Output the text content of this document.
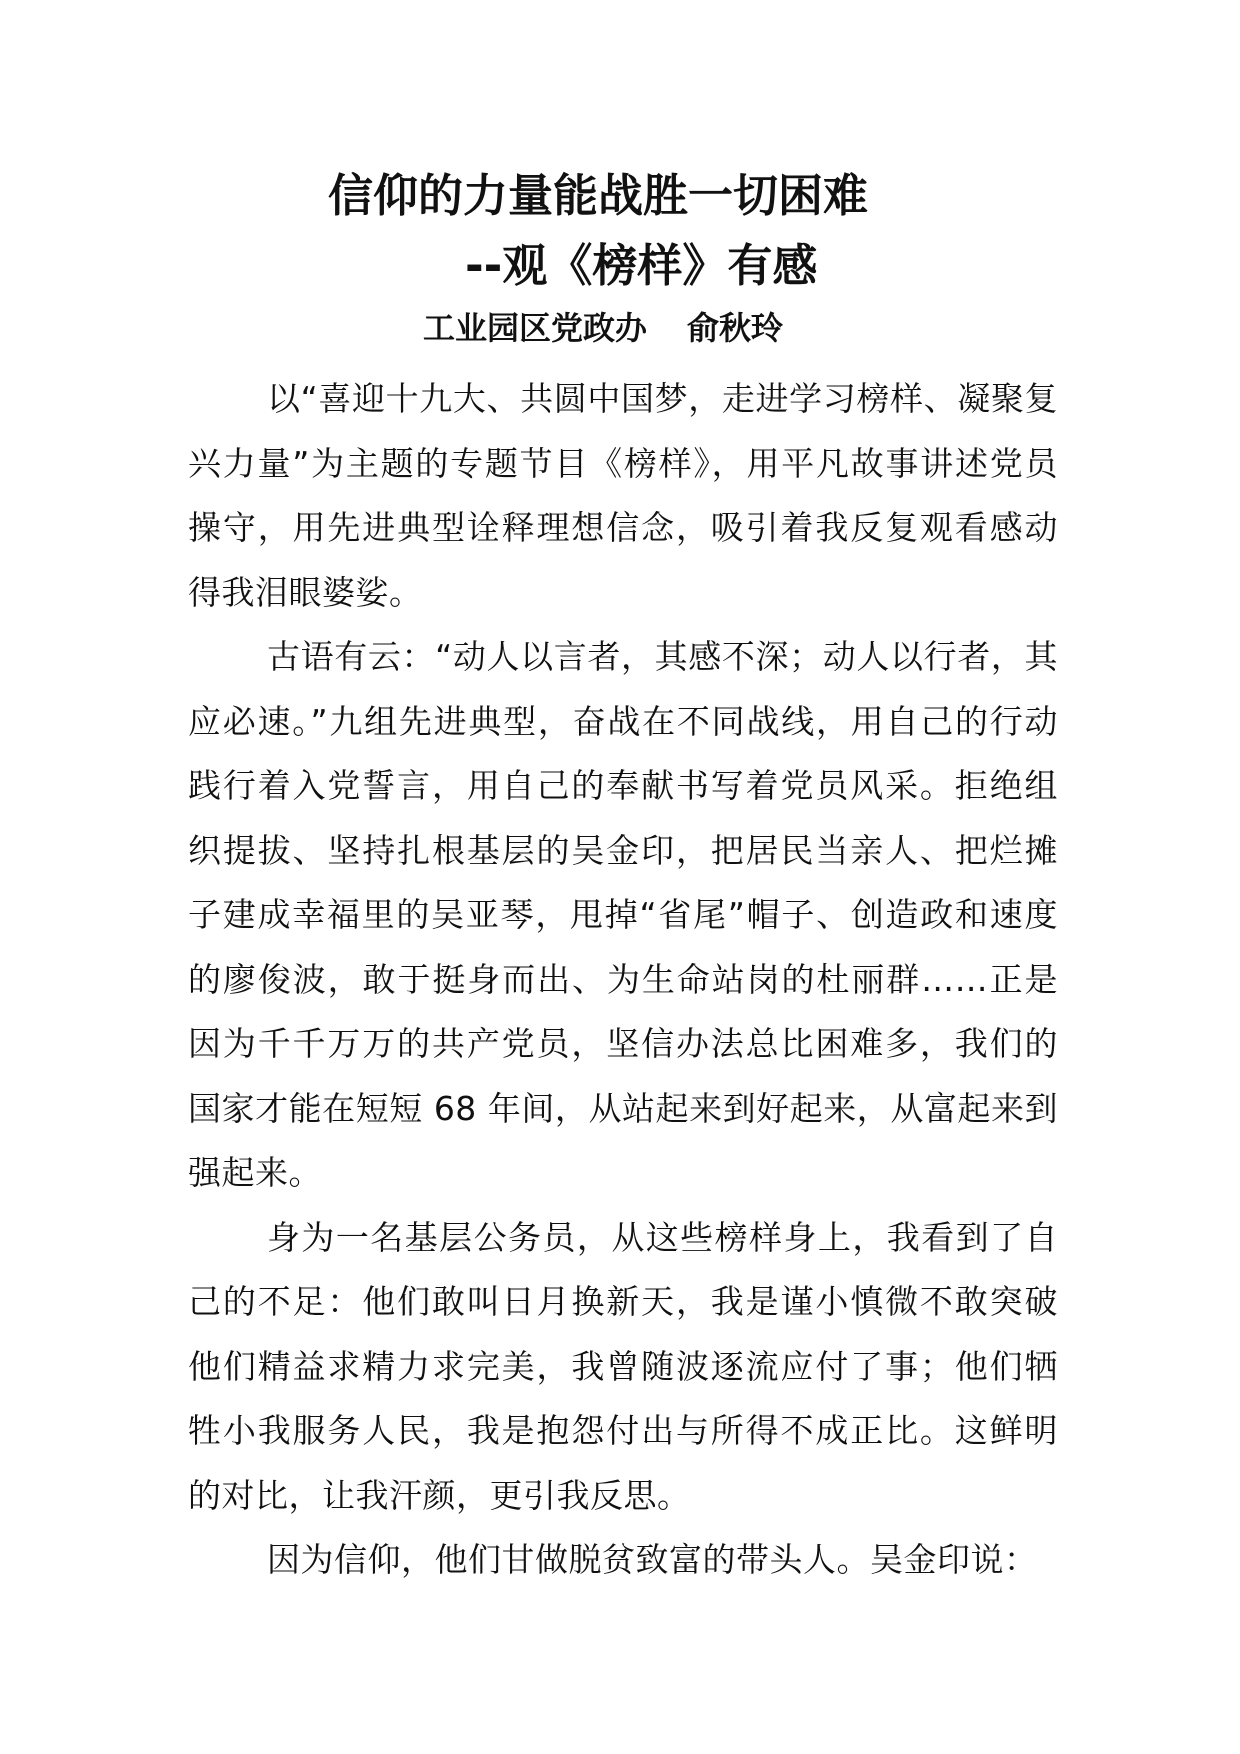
信仰的力量能战胜一切困难
--观《榜样》有感
工业园区党政办 俞秋玲

以“喜迎十九大、共圆中国梦，走进学习榜样、凝聚复兴力量”为主题的专题节目《榜样》，用平凡故事讲述党员操守，用先进典型诠释理想信念，吸引着我反复观看感动得我泪眼婆娑。

古语有云：“动人以言者，其感不深；动人以行者，其应必速。”九组先进典型，奋战在不同战线，用自己的行动践行着入党誓言，用自己的奉献书写着党员风采。拒绝组织提拔、坚持扎根基层的吴金印，把居民当亲人、把烂摊子建成幸福里的吴亚琴，甩掉“省尾”帽子、创造政和速度的廖俊波，敢于挺身而出、为生命站岗的杜丽群……正是因为千千万万的共产党员，坚信办法总比困难多，我们的国家才能在短短 68 年间，从站起来到好起来，从富起来到强起来。

身为一名基层公务员，从这些榜样身上，我看到了自己的不足：他们敢叫日月换新天，我是谨小慎微不敢突破他们精益求精力求完美，我曾随波逐流应付了事；他们牺牲小我服务人民，我是抱怨付出与所得不成正比。这鲜明的对比，让我汗颜，更引我反思。

因为信仰，他们甘做脱贫致富的带头人。吴金印说：
